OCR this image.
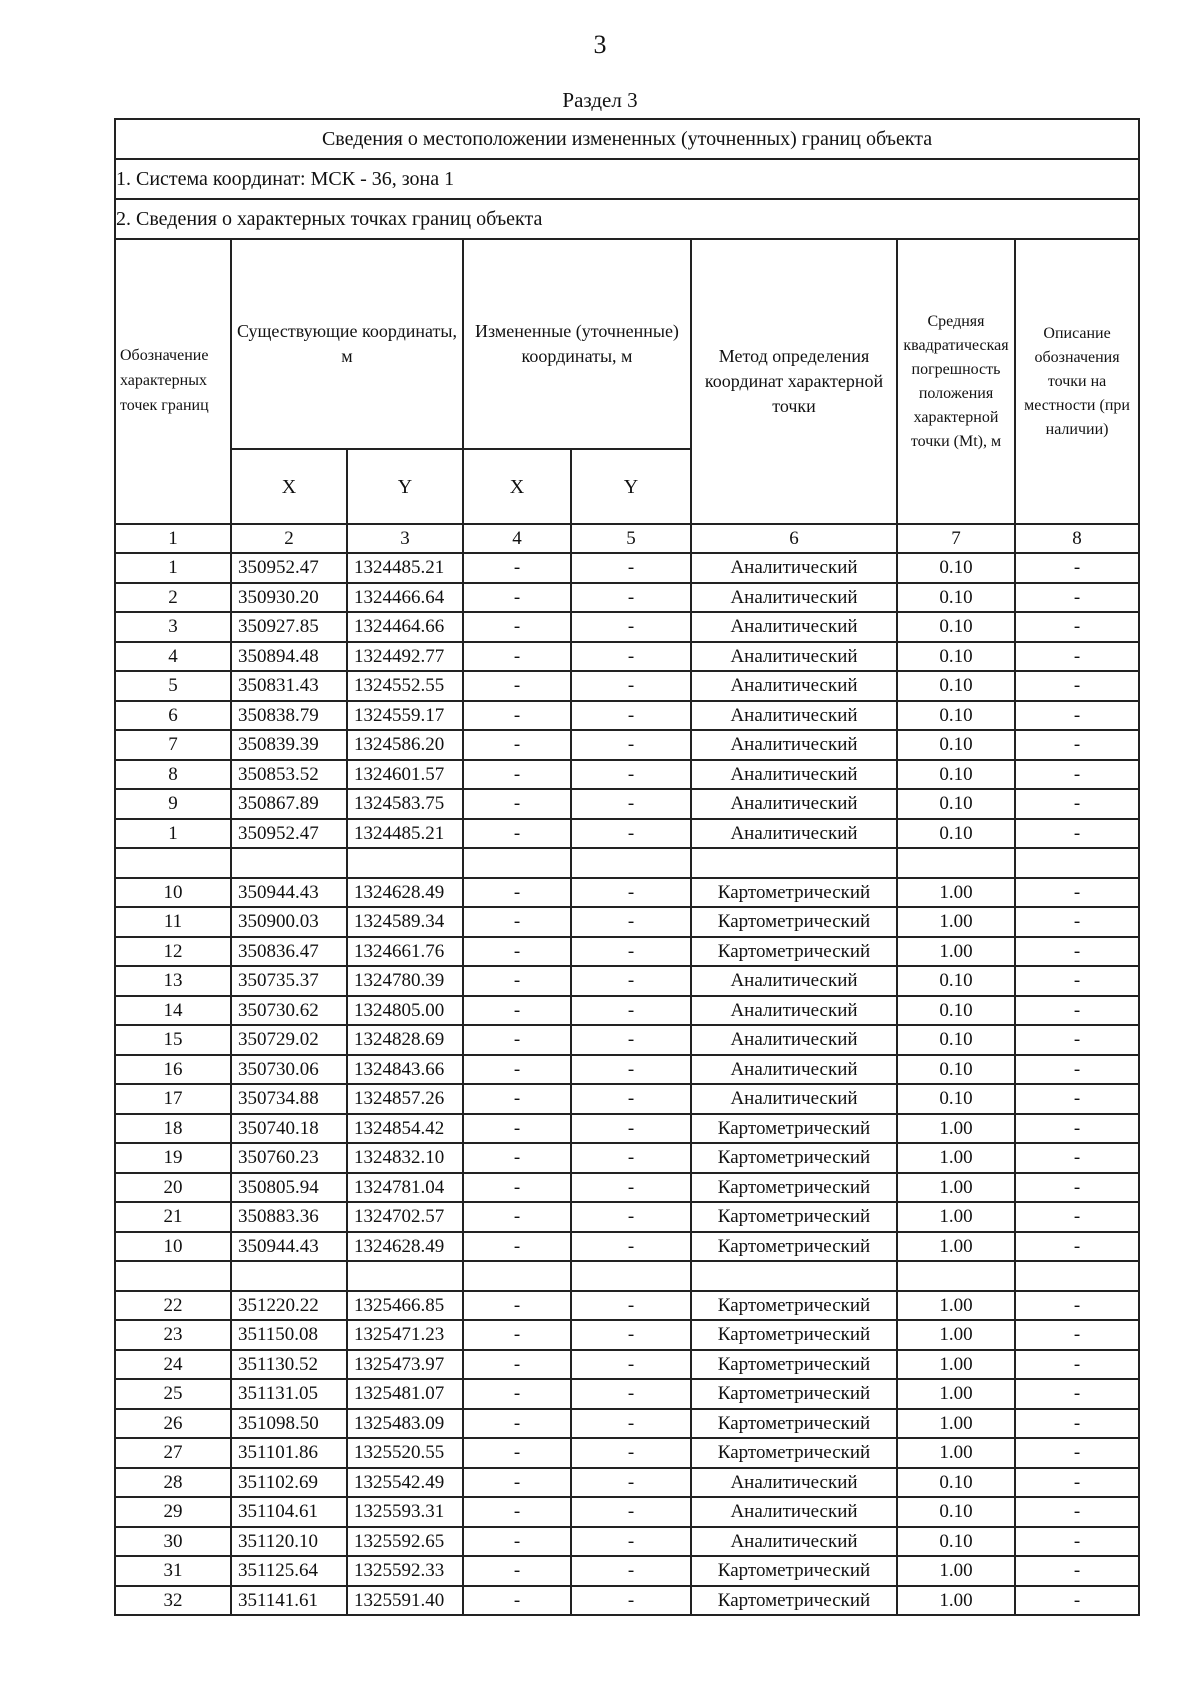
3
Раздел 3
Сведения о местоположении измененных (уточненных) границ объекта							
1. Система координат: МСК - 36, зона 1							
2. Сведения о характерных точках границ объекта							
Обозначение характерных точек границ	Существующие координаты, м		Измененные (уточненные) координаты, м		Метод определения координат характерной точки	Средняя квадратическая погрешность положения характерной точки (Mt), м	Описание обозначения точки на местности (при наличии)
	X	Y	X	Y			
1	2	3	4	5	6	7	8
1	350952.47	1324485.21	-	-	Аналитический	0.10	-
2	350930.20	1324466.64	-	-	Аналитический	0.10	-
3	350927.85	1324464.66	-	-	Аналитический	0.10	-
4	350894.48	1324492.77	-	-	Аналитический	0.10	-
5	350831.43	1324552.55	-	-	Аналитический	0.10	-
6	350838.79	1324559.17	-	-	Аналитический	0.10	-
7	350839.39	1324586.20	-	-	Аналитический	0.10	-
8	350853.52	1324601.57	-	-	Аналитический	0.10	-
9	350867.89	1324583.75	-	-	Аналитический	0.10	-
1	350952.47	1324485.21	-	-	Аналитический	0.10	-

10	350944.43	1324628.49	-	-	Картометрический	1.00	-
11	350900.03	1324589.34	-	-	Картометрический	1.00	-
12	350836.47	1324661.76	-	-	Картометрический	1.00	-
13	350735.37	1324780.39	-	-	Аналитический	0.10	-
14	350730.62	1324805.00	-	-	Аналитический	0.10	-
15	350729.02	1324828.69	-	-	Аналитический	0.10	-
16	350730.06	1324843.66	-	-	Аналитический	0.10	-
17	350734.88	1324857.26	-	-	Аналитический	0.10	-
18	350740.18	1324854.42	-	-	Картометрический	1.00	-
19	350760.23	1324832.10	-	-	Картометрический	1.00	-
20	350805.94	1324781.04	-	-	Картометрический	1.00	-
21	350883.36	1324702.57	-	-	Картометрический	1.00	-
10	350944.43	1324628.49	-	-	Картометрический	1.00	-

22	351220.22	1325466.85	-	-	Картометрический	1.00	-
23	351150.08	1325471.23	-	-	Картометрический	1.00	-
24	351130.52	1325473.97	-	-	Картометрический	1.00	-
25	351131.05	1325481.07	-	-	Картометрический	1.00	-
26	351098.50	1325483.09	-	-	Картометрический	1.00	-
27	351101.86	1325520.55	-	-	Картометрический	1.00	-
28	351102.69	1325542.49	-	-	Аналитический	0.10	-
29	351104.61	1325593.31	-	-	Аналитический	0.10	-
30	351120.10	1325592.65	-	-	Аналитический	0.10	-
31	351125.64	1325592.33	-	-	Картометрический	1.00	-
32	351141.61	1325591.40	-	-	Картометрический	1.00	-
